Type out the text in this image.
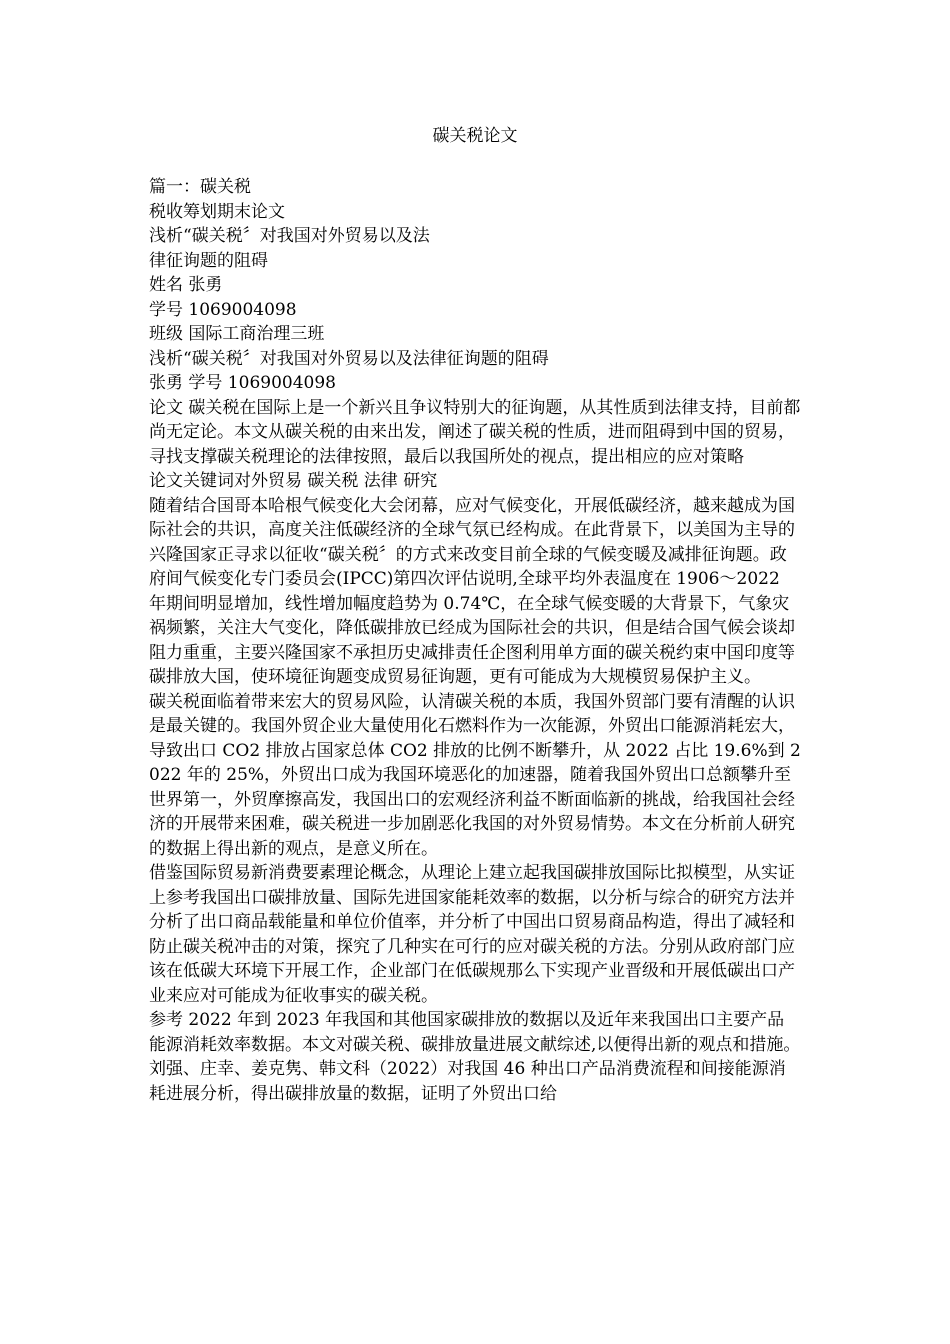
碳关税论文
篇一：碳关税
税收筹划期末论文
浅析“碳关税〞对我国对外贸易以及法
律征询题的阻碍
姓名 张勇
学号 1069004098
班级 国际工商治理三班
浅析“碳关税〞对我国对外贸易以及法律征询题的阻碍
张勇 学号 1069004098
论文 碳关税在国际上是一个新兴且争议特别大的征询题，从其性质到法律支持，目前都尚无定论。本文从碳关税的由来出发，阐述了碳关税的性质，进而阻碍到中国的贸易，寻找支撑碳关税理论的法律按照，最后以我国所处的视点，提出相应的应对策略
论文关键词对外贸易 碳关税 法律 研究
随着结合国哥本哈根气候变化大会闭幕，应对气候变化，开展低碳经济，越来越成为国际社会的共识，高度关注低碳经济的全球气氛已经构成。在此背景下，以美国为主导的兴隆国家正寻求以征收“碳关税〞的方式来改变目前全球的气候变暖及减排征询题。政府间气候变化专门委员会(IPCC)第四次评估说明,全球平均外表温度在 1906～2022 年期间明显增加，线性增加幅度趋势为 0.74℃，在全球气候变暖的大背景下，气象灾祸频繁，关注大气变化，降低碳排放已经成为国际社会的共识，但是结合国气候会谈却阻力重重，主要兴隆国家不承担历史减排责任企图利用单方面的碳关税约束中国印度等碳排放大国，使环境征询题变成贸易征询题，更有可能成为大规模贸易保护主义。
碳关税面临着带来宏大的贸易风险，认清碳关税的本质，我国外贸部门要有清醒的认识是最关键的。我国外贸企业大量使用化石燃料作为一次能源，外贸出口能源消耗宏大，导致出口 CO2 排放占国家总体 CO2 排放的比例不断攀升，从 2022 占比 19.6%到 2022 年的 25%，外贸出口成为我国环境恶化的加速器，随着我国外贸出口总额攀升至世界第一，外贸摩擦高发，我国出口的宏观经济利益不断面临新的挑战，给我国社会经济的开展带来困难，碳关税进一步加剧恶化我国的对外贸易情势。本文在分析前人研究的数据上得出新的观点，是意义所在。
借鉴国际贸易新消费要素理论概念，从理论上建立起我国碳排放国际比拟模型，从实证上参考我国出口碳排放量、国际先进国家能耗效率的数据，以分析与综合的研究方法并分析了出口商品载能量和单位价值率，并分析了中国出口贸易商品构造，得出了减轻和防止碳关税冲击的对策，探究了几种实在可行的应对碳关税的方法。分别从政府部门应该在低碳大环境下开展工作，企业部门在低碳规那么下实现产业晋级和开展低碳出口产业来应对可能成为征收事实的碳关税。
参考 2022 年到 2023 年我国和其他国家碳排放的数据以及近年来我国出口主要产品能源消耗效率数据。本文对碳关税、碳排放量进展文献综述,以便得出新的观点和措施。刘强、庄幸、姜克隽、韩文科（2022）对我国 46 种出口产品消费流程和间接能源消耗进展分析，得出碳排放量的数据，证明了外贸出口给
